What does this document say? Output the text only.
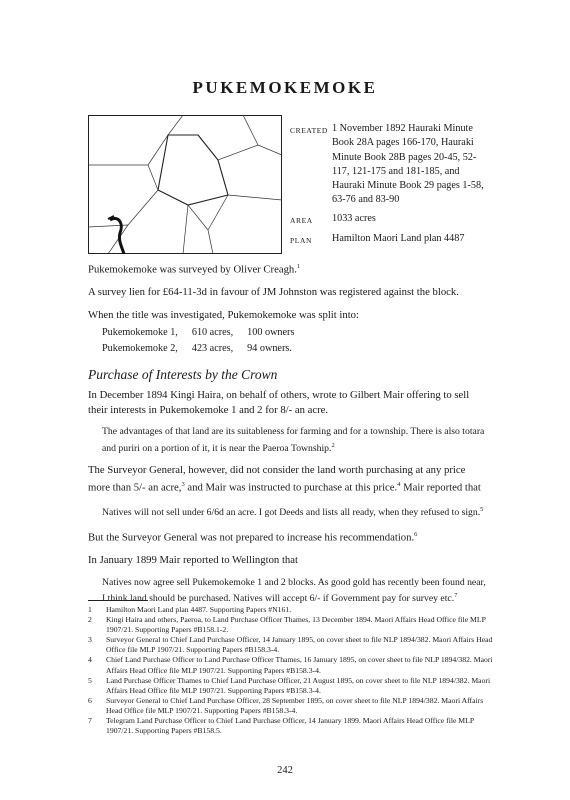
PUKEMOKEMOKE
CREATED 1 November 1892 Hauraki Minute Book 28A pages 166-170, Hauraki Minute Book 28B pages 20-45, 52-117, 121-175 and 181-185, and Hauraki Minute Book 29 pages 1-58, 63-76 and 83-90
AREA	1033 acres
PLAN	Hamilton Maori Land plan 4487

Pukemokemoke was surveyed by Oliver Creagh.$^1$

A survey lien for £64-11-3d in favour of JM Johnston was registered against the block.

When the title was investigated, Pukemokemoke was split into:

Pukemokemoke 1,	610 acres,	100 owners
Pukemokemoke 2,	423 acres,	94 owners.
Purchase of Interests by the Crown

In December 1894 Kingi Haira, on behalf of others, wrote to Gilbert Mair offering to sell their interests in Pukemokemoke 1 and 2 for 8/- an acre.

The advantages of that land are its suitableness for farming and for a township. There is also totara and puriri on a portion of it, it is near the Paeroa Township.$^2$

The Surveyor General, however, did not consider the land worth purchasing at any price more than 5/- an acre,$^3$ and Mair was instructed to purchase at this price.$^4$ Mair reported that

Natives will not sell under 6/6d an acre. I got Deeds and lists all ready, when they refused to sign.$^5$

But the Surveyor General was not prepared to increase his recommendation.$^6$

In January 1899 Mair reported to Wellington that

Natives now agree sell Pukemokemoke 1 and 2 blocks. As good gold has recently been found near, I think land should be purchased. Natives will accept 6/- if Government pay for survey etc.$^7$

1	Hamilton Maori Land plan 4487. Supporting Papers #N161.
2	Kingi Haira and others, Paeroa, to Land Purchase Officer Thames, 13 December 1894. Maori Affairs Head Office file MLP 1907/21. Supporting Papers #B158.1-2.
3	Surveyor General to Chief Land Purchase Officer, 14 January 1895, on cover sheet to file NLP 1894/382. Maori Affairs Head Office file MLP 1907/21. Supporting Papers #B158.3-4.
4	Chief Land Purchase Officer to Land Purchase Officer Thames, 16 January 1895, on cover sheet to file NLP 1894/382. Maori Affairs Head Office file MLP 1907/21. Supporting Papers #B158.3-4.
5	Land Purchase Officer Thames to Chief Land Purchase Officer, 21 August 1895, on cover sheet to file NLP 1894/382. Maori Affairs Head Office file MLP 1907/21. Supporting Papers #B158.3-4.
6	Surveyor General to Chief Land Purchase Officer, 28 September 1895, on cover sheet to file NLP 1894/382. Maori Affairs Head Office file MLP 1907/21. Supporting Papers #B158.3-4.
7	Telegram Land Purchase Officer to Chief Land Purchase Officer, 14 January 1899. Maori Affairs Head Office file MLP 1907/21. Supporting Papers #B158.5.
242
